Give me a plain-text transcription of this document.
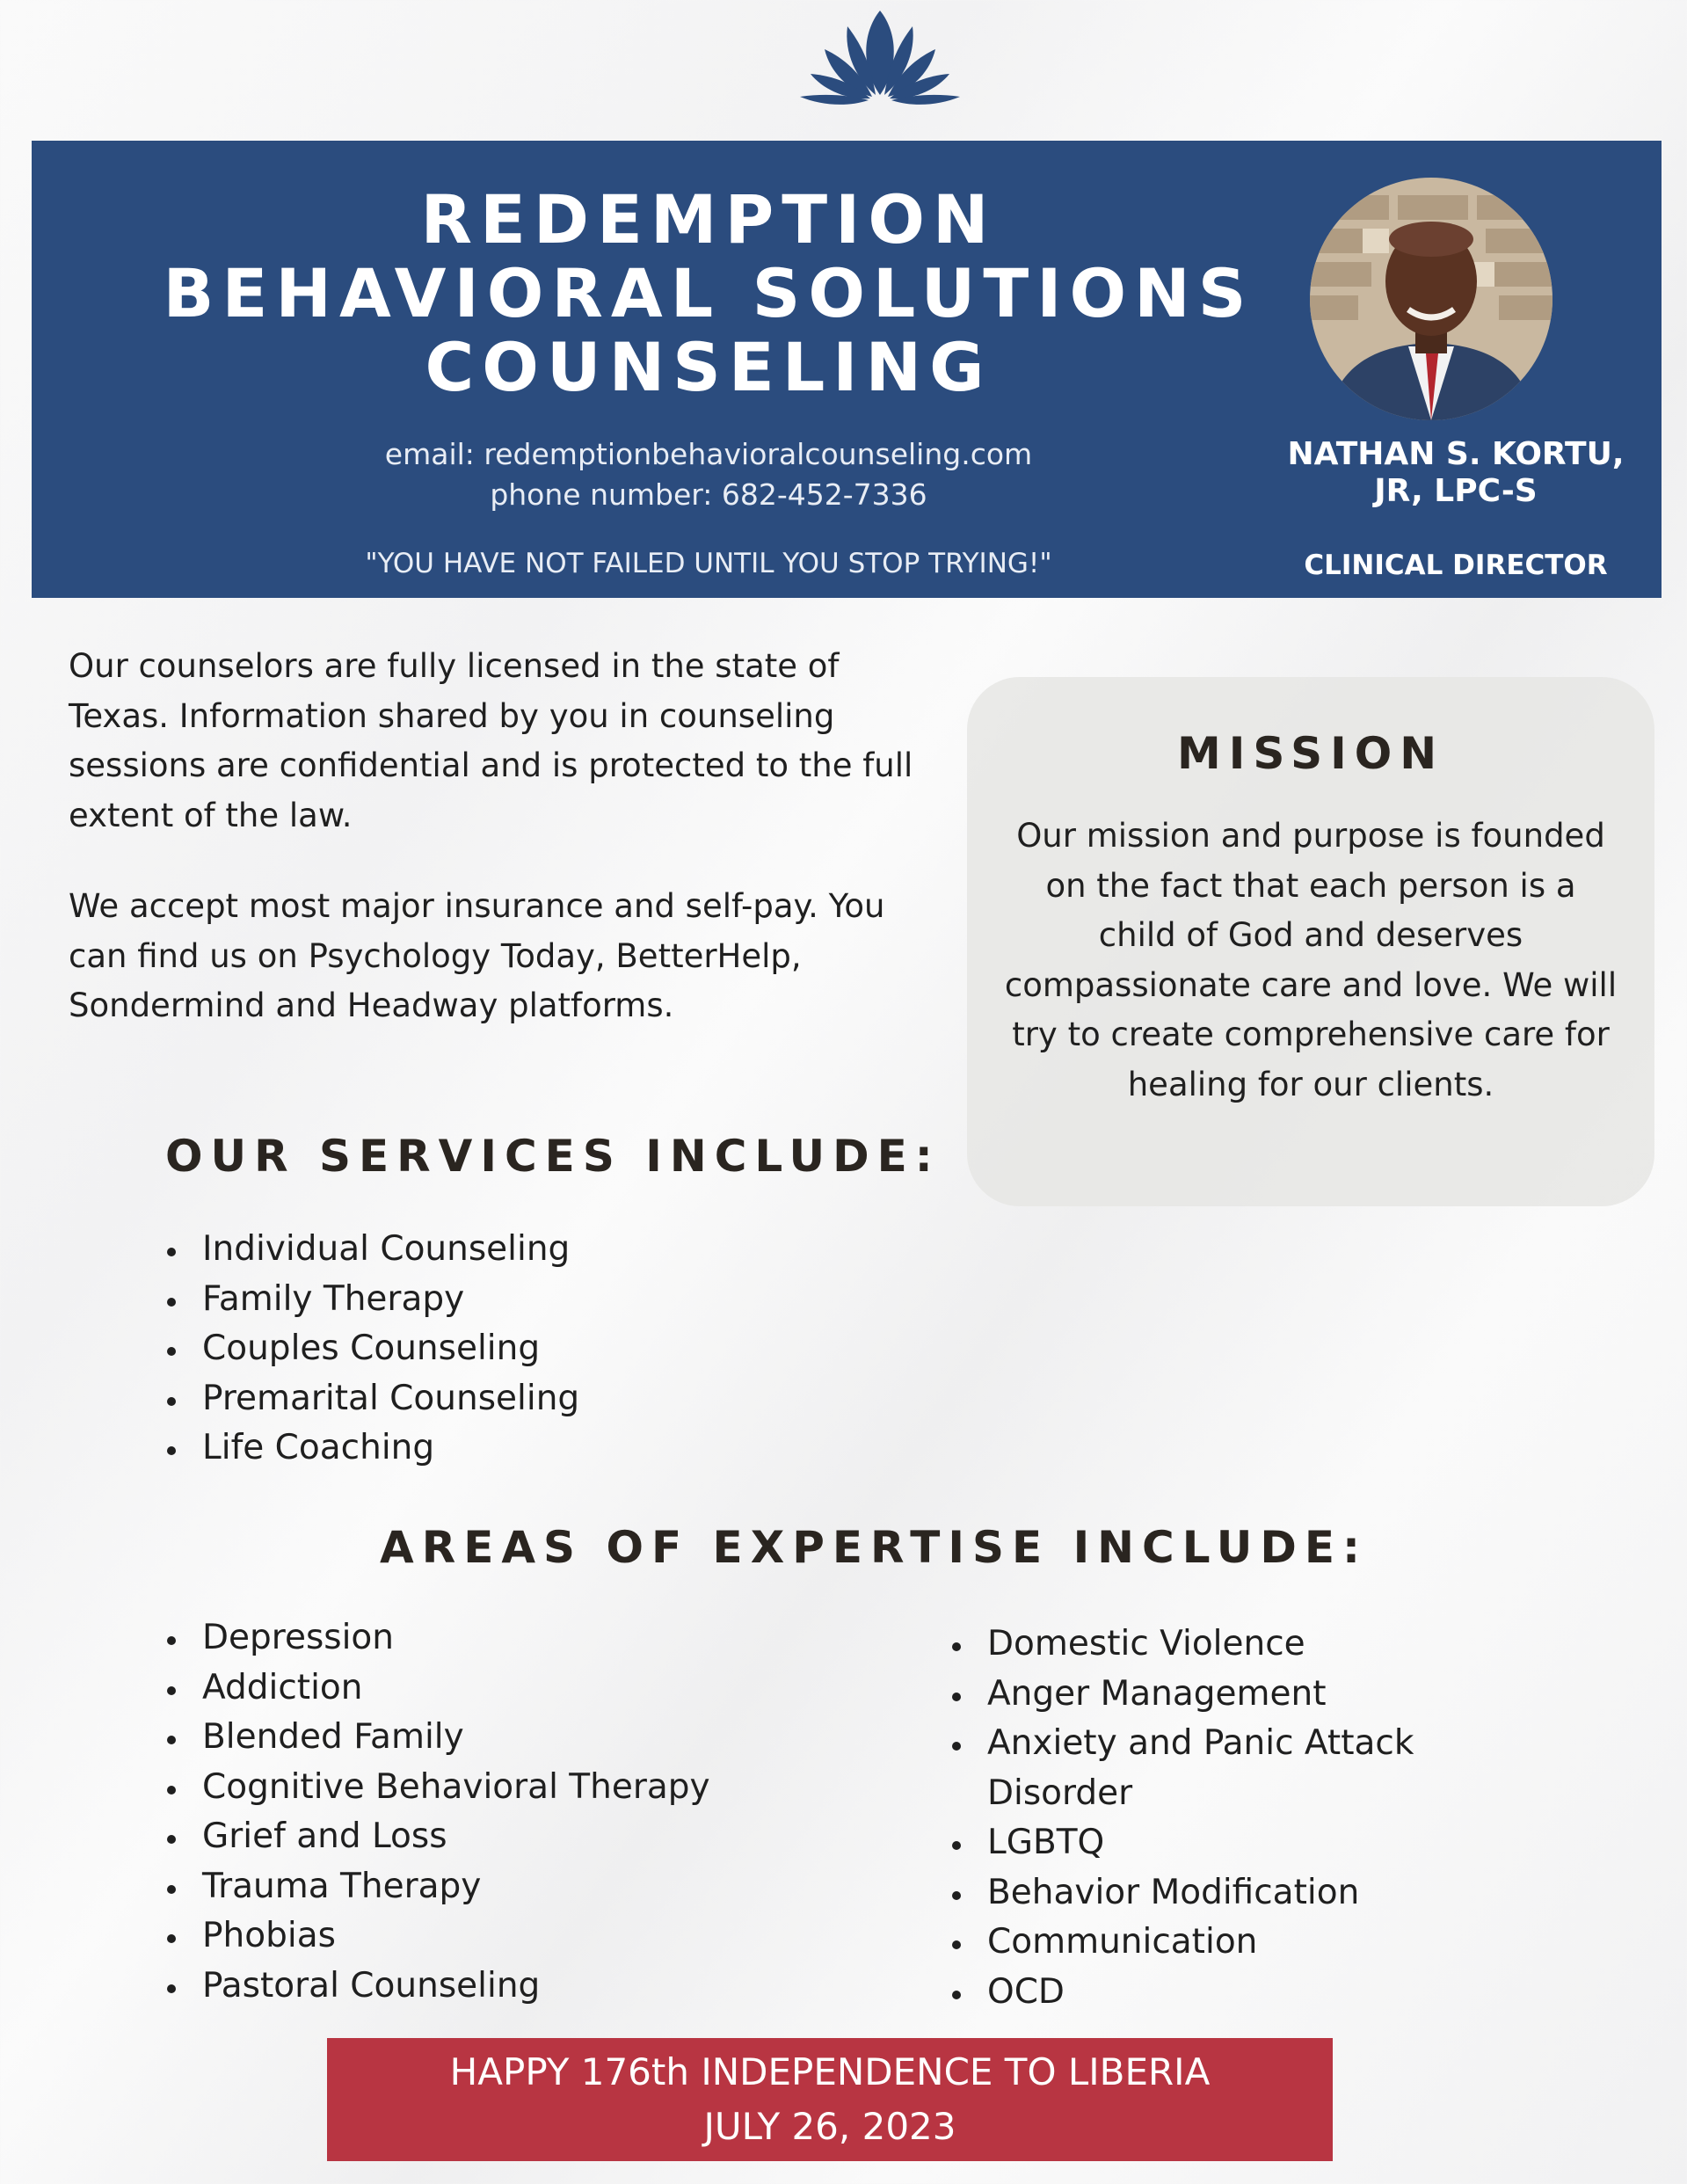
REDEMPTION
BEHAVIORAL SOLUTIONS
COUNSELING
email: redemptionbehavioralcounseling.com
phone number: 682-452-7336
"YOU HAVE NOT FAILED UNTIL YOU STOP TRYING!"
NATHAN S. KORTU,
JR, LPC-S
CLINICAL DIRECTOR

Our counselors are fully licensed in the state of Texas. Information shared by you in counseling sessions are confidential and is protected to the full extent of the law.

We accept most major insurance and self-pay. You can find us on Psychology Today, BetterHelp, Sondermind and Headway platforms.

MISSION
Our mission and purpose is founded on the fact that each person is a child of God and deserves compassionate care and love. We will try to create comprehensive care for healing for our clients.
OUR SERVICES INCLUDE:
Individual Counseling
Family Therapy
Couples Counseling
Premarital Counseling
Life Coaching
AREAS OF EXPERTISE INCLUDE:
Depression
Addiction
Blended Family
Cognitive Behavioral Therapy
Grief and Loss
Trauma Therapy
Phobias
Pastoral Counseling
Domestic Violence
Anger Management
Anxiety and Panic Attack Disorder
LGBTQ
Behavior Modification
Communication
OCD
HAPPY 176th INDEPENDENCE TO LIBERIA
JULY 26, 2023
